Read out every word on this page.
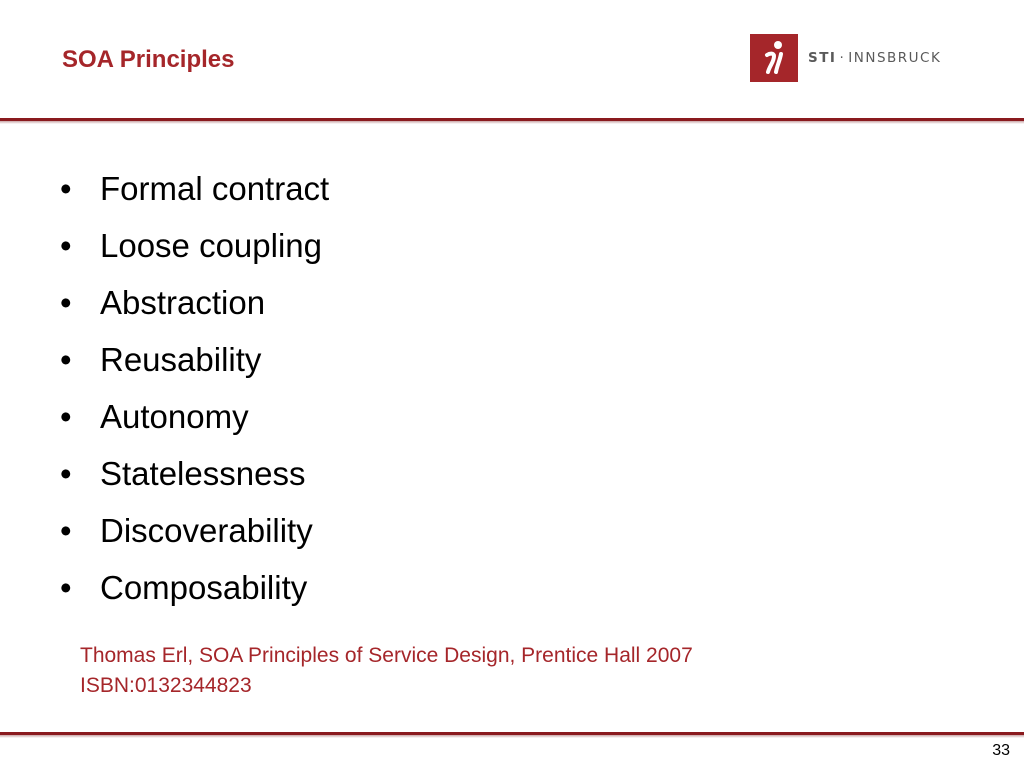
SOA Principles	STI · INNSBRUCK
• Formal contract
• Loose coupling
• Abstraction
• Reusability
• Autonomy
• Statelessness
• Discoverability
• Composability
Thomas Erl, SOA Principles of Service Design, Prentice Hall 2007
ISBN:0132344823
33
